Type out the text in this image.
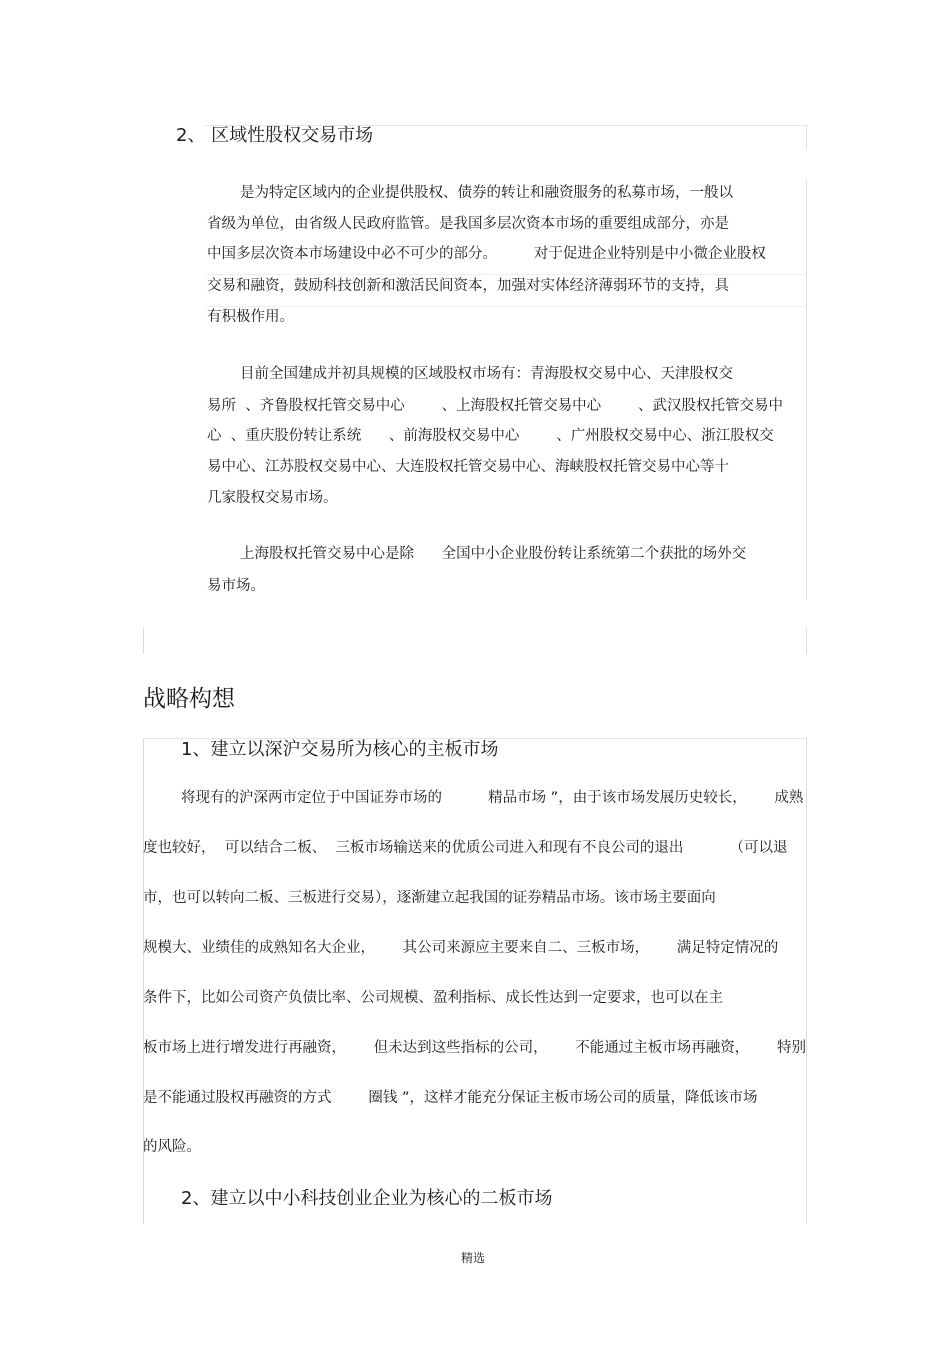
2、 区域性股权交易市场
是为特定区域内的企业提供股权、债券的转让和融资服务的私募市场，一般以
省级为单位，由省级人民政府监管。是我国多层次资本市场的重要组成部分，亦是
中国多层次资本市场建设中必不可少的部分。        对于促进企业特别是中小微企业股权
交易和融资，鼓励科技创新和激活民间资本，加强对实体经济薄弱环节的支持，具
有积极作用。
目前全国建成并初具规模的区域股权市场有：青海股权交易中心、天津股权交
易所  、齐鲁股权托管交易中心        、上海股权托管交易中心        、武汉股权托管交易中
心  、重庆股份转让系统      、前海股权交易中心        、广州股权交易中心、浙江股权交
易中心、江苏股权交易中心、大连股权托管交易中心、海峡股权托管交易中心等十
几家股权交易市场。
上海股权托管交易中心是除      全国中小企业股份转让系统第二个获批的场外交
易市场。
战略构想
1、建立以深沪交易所为核心的主板市场
将现有的沪深两市定位于中国证券市场的          精品市场 ”，由于该市场发展历史较长，      成熟
度也较好，  可以结合二板、  三板市场输送来的优质公司进入和现有不良公司的退出          （可以退
市，也可以转向二板、三板进行交易），逐渐建立起我国的证券精品市场。该市场主要面向
规模大、业绩佳的成熟知名大企业，      其公司来源应主要来自二、三板市场，      满足特定情况的
条件下，比如公司资产负债比率、公司规模、盈利指标、成长性达到一定要求，也可以在主
板市场上进行增发进行再融资，      但未达到这些指标的公司，      不能通过主板市场再融资，      特别
是不能通过股权再融资的方式        圈钱 ”，这样才能充分保证主板市场公司的质量，降低该市场
的风险。
2、建立以中小科技创业企业为核心的二板市场
精选
